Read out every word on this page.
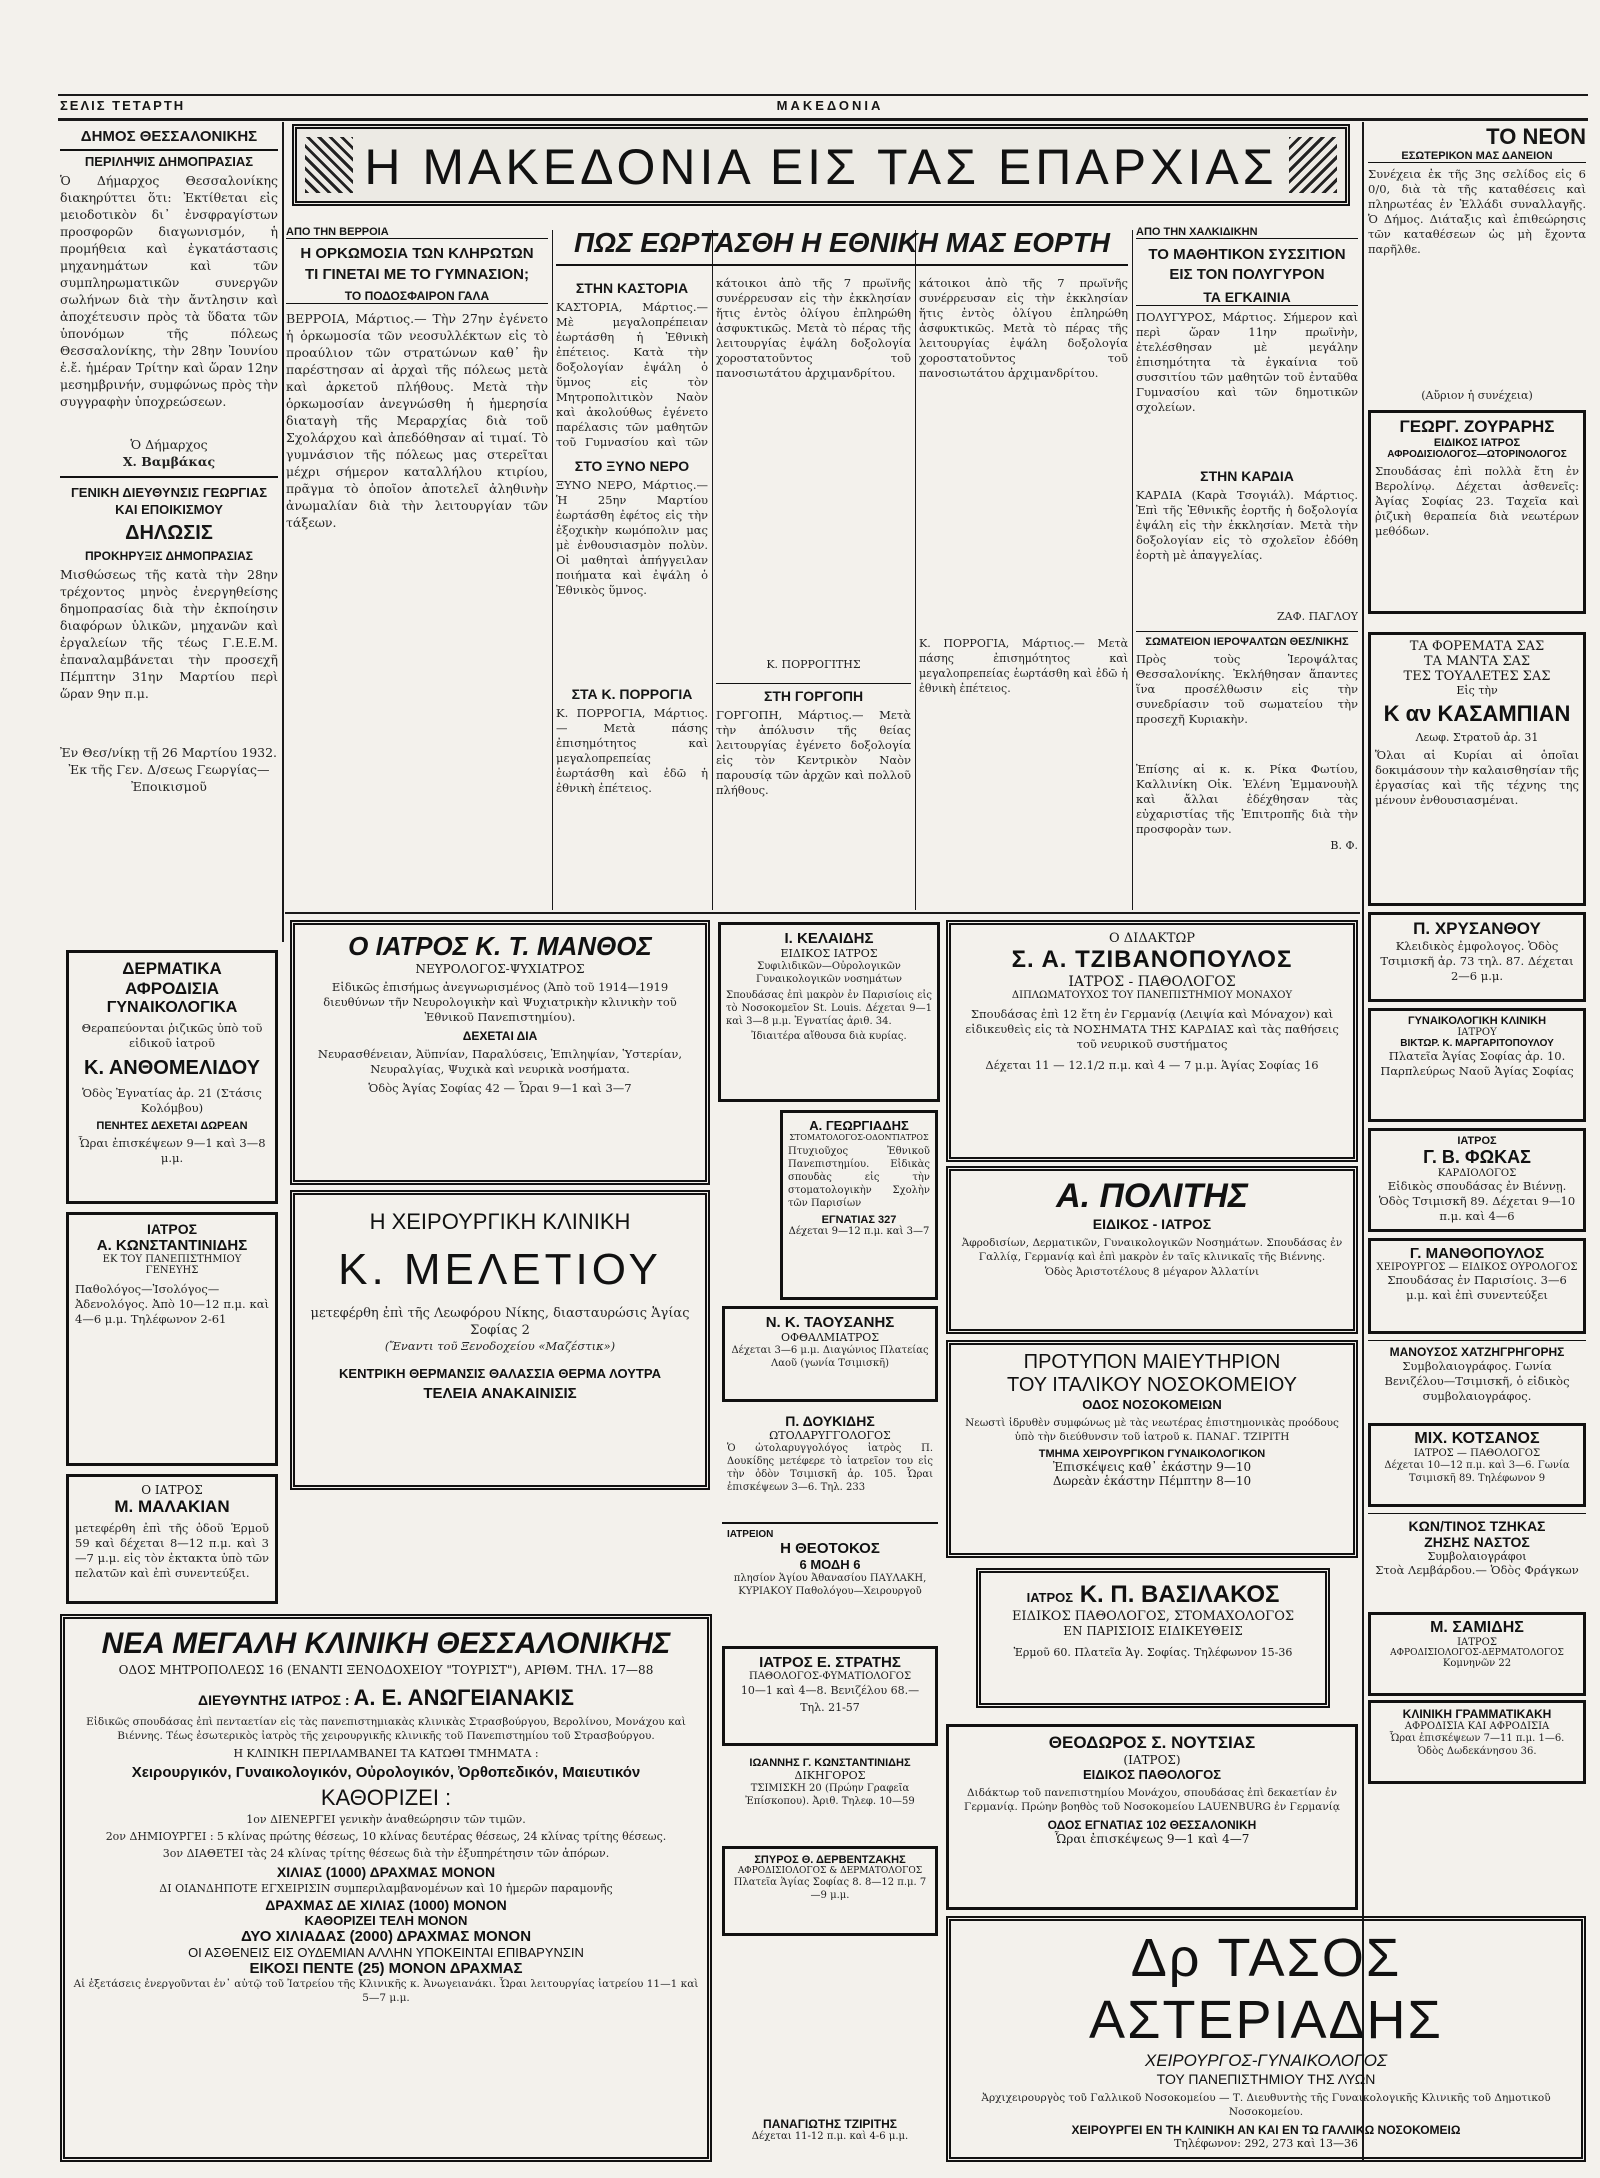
ΣΕΛΙΣ ΤΕΤΑΡΤΗ	ΜΑΚΕΔΟΝΙΑ
ΔΗΜΟΣ ΘΕΣΣΑΛΟΝΙΚΗΣ
ΠΕΡΙΛΗΨΙΣ ΔΗΜΟΠΡΑΣΙΑΣ
Ὁ Δήμαρχος Θεσσαλονίκης διακηρύττει ὅτι: Ἐκτίθεται εἰς μειοδοτικὸν δι᾽ ἐνσφραγίστων προσφορῶν διαγωνισμόν, ἡ προμήθεια καὶ ἐγκατάστασις μηχανημάτων καὶ τῶν συμπληρωματικῶν συνεργῶν σωλήνων διὰ τὴν ἄντλησιν καὶ ἀποχέτευσιν πρὸς τὰ ὕδατα τῶν ὑπονόμων τῆς πόλεως Θεσσαλονίκης, τὴν 28ην Ἰουνίου ἐ.ἔ. ἡμέραν Τρίτην καὶ ὥραν 12ην μεσημβρινήν, συμφώνως πρὸς τὴν συγγραφὴν ὑποχρεώσεων.
Ὁ Δήμαρχος
Χ. Βαμβάκας
ΓΕΝΙΚΗ ΔΙΕΥΘΥΝΣΙΣ ΓΕΩΡΓΙΑΣ ΚΑΙ ΕΠΟΙΚΙΣΜΟΥ
ΔΗΛΩΣΙΣ
ΠΡΟΚΗΡΥΞΙΣ ΔΗΜΟΠΡΑΣΙΑΣ
Μισθώσεως τῆς κατὰ τὴν 28ην τρέχοντος μηνὸς ἐνεργηθείσης δημοπρασίας διὰ τὴν ἐκποίησιν διαφόρων ὑλικῶν, μηχανῶν καὶ ἐργαλείων τῆς τέως Γ.Ε.Ε.Μ. ἐπαναλαμβάνεται τὴν προσεχῆ Πέμπτην 31ην Μαρτίου περὶ ὥραν 9ην π.μ.
Ἐν Θεσ/νίκῃ τῇ 26 Μαρτίου 1932.
Ἐκ τῆς Γεν. Δ/σεως Γεωργίας—Ἐποικισμοῦ
Η ΜΑΚΕΔΟΝΙΑ ΕΙΣ ΤΑΣ ΕΠΑΡΧΙΑΣ
ΑΠΟ ΤΗΝ ΒΕΡΡΟΙΑ
Η ΟΡΚΩΜΟΣΙΑ ΤΩΝ ΚΛΗΡΩΤΩΝ
ΤΙ ΓΙΝΕΤΑΙ ΜΕ ΤΟ ΓΥΜΝΑΣΙΟΝ;
ΤΟ ΠΟΔΟΣΦΑΙΡΟΝ ΓΑΛΑ
ΒΕΡΡΟΙΑ, Μάρτιος.— Τὴν 27ην ἐγένετο ἡ ὁρκωμοσία τῶν νεοσυλλέκτων εἰς τὸ προαύλιον τῶν στρατώνων καθ᾽ ἣν παρέστησαν αἱ ἀρχαὶ τῆς πόλεως μετὰ καὶ ἀρκετοῦ πλήθους. Μετὰ τὴν ὁρκωμοσίαν ἀνεγνώσθη ἡ ἡμερησία διαταγὴ τῆς Μεραρχίας διὰ τοῦ Σχολάρχου καὶ ἀπεδόθησαν αἱ τιμαί. Τὸ γυμνάσιον τῆς πόλεως μας στερεῖται μέχρι σήμερον καταλλήλου κτιρίου, πρᾶγμα τὸ ὁποῖον ἀποτελεῖ ἀληθινὴν ἀνωμαλίαν διὰ τὴν λειτουργίαν τῶν τάξεων.
ΠΩΣ ΕΩΡΤΑΣΘΗ Η ΕΘΝΙΚΗ ΜΑΣ ΕΟΡΤΗ
ΣΤΗΝ ΚΑΣΤΟΡΙΑ
ΚΑΣΤΟΡΙΑ, Μάρτιος.— Μὲ μεγαλοπρέπειαν ἑωρτάσθη ἡ Ἐθνικὴ ἐπέτειος. Κατὰ τὴν δοξολογίαν ἐψάλη ὁ ὕμνος εἰς τὸν Μητροπολιτικὸν Ναὸν καὶ ἀκολούθως ἐγένετο παρέλασις τῶν μαθητῶν τοῦ Γυμνασίου καὶ τῶν
ΣΤΟ ΞΥΝΟ ΝΕΡΟ
ΞΥΝΟ ΝΕΡΟ, Μάρτιος.— Ἡ 25ην Μαρτίου ἑωρτάσθη ἐφέτος εἰς τὴν ἐξοχικὴν κωμόπολιν μας μὲ ἐνθουσιασμὸν πολὺν. Οἱ μαθηταὶ ἀπήγγειλαν ποιήματα καὶ ἐψάλη ὁ Ἐθνικὸς ὕμνος.
ΣΤΑ Κ. ΠΟΡΡΟΓΙΑ
Κ. ΠΟΡΡΟΓΙΑ, Μάρτιος.— Μετὰ πάσης ἐπισημότητος καὶ μεγαλοπρεπείας ἑωρτάσθη καὶ ἐδῶ ἡ ἐθνικὴ ἐπέτειος.
κάτοικοι ἀπὸ τῆς 7 πρωϊνῆς συνέρρευσαν εἰς τὴν ἐκκλησίαν ἥτις ἐντὸς ὀλίγου ἐπληρώθη ἀσφυκτικῶς. Μετὰ τὸ πέρας τῆς λειτουργίας ἐψάλη δοξολογία χοροστατοῦντος τοῦ πανοσιωτάτου ἀρχιμανδρίτου.
Κ. ΠΟΡΡΟΓΙΤΗΣ
ΣΤΗ ΓΟΡΓΟΠΗ
ΓΟΡΓΟΠΗ, Μάρτιος.— Μετὰ τὴν ἀπόλυσιν τῆς θείας λειτουργίας ἐγένετο δοξολογία εἰς τὸν Κεντρικὸν Ναὸν παρουσίᾳ τῶν ἀρχῶν καὶ πολλοῦ πλήθους.
κάτοικοι ἀπὸ τῆς 7 πρωϊνῆς συνέρρευσαν εἰς τὴν ἐκκλησίαν ἥτις ἐντὸς ὀλίγου ἐπληρώθη ἀσφυκτικῶς. Μετὰ τὸ πέρας τῆς λειτουργίας ἐψάλη δοξολογία χοροστατοῦντος τοῦ πανοσιωτάτου ἀρχιμανδρίτου.
Κ. ΠΟΡΡΟΓΙΑ, Μάρτιος.— Μετὰ πάσης ἐπισημότητος καὶ μεγαλοπρεπείας ἑωρτάσθη καὶ ἐδῶ ἡ ἐθνικὴ ἐπέτειος.
ΑΠΟ ΤΗΝ ΧΑΛΚΙΔΙΚΗΝ
ΤΟ ΜΑΘΗΤΙΚΟΝ ΣΥΣΣΙΤΙΟΝ ΕΙΣ ΤΟΝ ΠΟΛΥΓΥΡΟΝ
ΤΑ ΕΓΚΑΙΝΙΑ
ΠΟΛΥΓΥΡΟΣ, Μάρτιος. Σήμερον καὶ περὶ ὥραν 11ην πρωϊνὴν, ἐτελέσθησαν μὲ μεγάλην ἐπισημότητα τὰ ἐγκαίνια τοῦ συσσιτίου τῶν μαθητῶν τοῦ ἐνταῦθα Γυμνασίου καὶ τῶν δημοτικῶν σχολείων.
ΣΤΗΝ ΚΑΡΔΙΑ
ΚΑΡΔΙΑ (Καρὰ Τσογιάλ). Μάρτιος. Ἐπὶ τῆς Ἐθνικῆς ἑορτῆς ἡ δοξολογία ἐψάλη εἰς τὴν ἐκκλησίαν. Μετὰ τὴν δοξολογίαν εἰς τὸ σχολεῖον ἐδόθη ἑορτὴ μὲ ἀπαγγελίας.
ΖΑΦ. ΠΑΓΛΟΥ
ΣΩΜΑΤΕΙΟΝ ΙΕΡΟΨΑΛΤΩΝ ΘΕΣ/ΝΙΚΗΣ
Πρὸς τοὺς Ἱεροψάλτας Θεσσαλονίκης. Ἐκλήθησαν ἅπαντες ἵνα προσέλθωσιν εἰς τὴν συνεδρίασιν τοῦ σωματείου τὴν προσεχῆ Κυριακὴν.
Ἐπίσης αἱ κ. κ. Ρίκα Φωτίου, Καλλινίκη Οἰκ. Ἐλένη Ἐμμανουὴλ καὶ ἄλλαι ἐδέχθησαν τὰς εὐχαριστίας τῆς Ἐπιτροπῆς διὰ τὴν προσφορὰν των.
Β. Φ.
ΤΟ ΝΕΟΝ
ΕΣΩΤΕΡΙΚΟΝ ΜΑΣ ΔΑΝΕΙΟΝ
Συνέχεια ἐκ τῆς 3ης σελίδος εἰς 6 0/0, διὰ τὰ τῆς καταθέσεις καὶ πληρωτέας ἐν Ἑλλάδι συναλλαγῆς. Ὁ Δήμος. Διάταξις καὶ ἐπιθεώρησις τῶν καταθέσεων ὡς μὴ ἔχοντα παρῆλθε.
(Αὔριον ἡ συνέχεια)
ΓΕΩΡΓ. ΖΟΥΡΑΡΗΣ
ΕΙΔΙΚΟΣ ΙΑΤΡΟΣ
ΑΦΡΟΔΙΣΙΟΛΟΓΟΣ—ΩΤΟΡΙΝΟΛΟΓΟΣ
Σπουδάσας ἐπὶ πολλὰ ἔτη ἐν Βερολίνῳ. Δέχεται ἀσθενεῖς: Ἀγίας Σοφίας 23. Ταχεῖα καὶ ῥιζικὴ θεραπεία διὰ νεωτέρων μεθόδων.
ΤΑ ΦΟΡΕΜΑΤΑ ΣΑΣ
ΤΑ ΜΑΝΤΑ ΣΑΣ
ΤΕΣ ΤΟΥΑΛΕΤΕΣ ΣΑΣ
Εἰς τὴν
Κ αν ΚΑΣΑΜΠΙΑΝ
Λεωφ. Στρατοῦ ἀρ. 31
Ὅλαι αἱ Κυρίαι αἱ ὁποῖαι δοκιμάσουν τὴν καλαισθησίαν τῆς ἐργασίας καὶ τῆς τέχνης της μένουν ἐνθουσιασμέναι.
Π. ΧΡΥΣΑΝΘΟΥ
Κλειδικὸς ἐμφολογος. Ὁδὸς Τσιμισκῆ ἀρ. 73 τηλ. 87. Δέχεται 2—6 μ.μ.
ΓΥΝΑΙΚΟΛΟΓΙΚΗ ΚΛΙΝΙΚΗ
ΙΑΤΡΟΥ
ΒΙΚΤΩΡ. Κ. ΜΑΡΓΑΡΙΤΟΠΟΥΛΟΥ
Πλατεῖα Ἁγίας Σοφίας ἀρ. 10. Παρπλεύρως Ναοῦ Ἁγίας Σοφίας
ΙΑΤΡΟΣ
Γ. Β. ΦΩΚΑΣ
ΚΑΡΔΙΟΛΟΓΟΣ
Εἰδικὸς σπουδάσας ἐν Βιέννῃ. Ὁδὸς Τσιμισκῆ 89. Δέχεται 9—10 π.μ. καὶ 4—6
Γ. ΜΑΝΘΟΠΟΥΛΟΣ
ΧΕΙΡΟΥΡΓΟΣ — ΕΙΔΙΚΟΣ ΟΥΡΟΛΟΓΟΣ
Σπουδάσας ἐν Παρισίοις. 3—6 μ.μ. καὶ ἐπὶ συνεντεύξει
ΜΑΝΟΥΣΟΣ ΧΑΤΖΗΓΡΗΓΟΡΗΣ
Συμβολαιογράφος. Γωνία Βενιζέλου—Τσιμισκῆ, ὁ εἰδικὸς συμβολαιογράφος.
ΜΙΧ. ΚΟΤΣΑΝΟΣ
ΙΑΤΡΟΣ — ΠΑΘΟΛΟΓΟΣ
Δέχεται 10—12 π.μ. καὶ 3—6. Γωνία Τσιμισκῆ 89. Τηλέφωνον 9
ΚΩΝ/ΤΙΝΟΣ ΤΖΗΚΑΣ
ΖΗΣΗΣ ΝΑΣΤΟΣ
Συμβολαιογράφοι
Στοὰ Λεμβάρδου.— Ὁδὸς Φράγκων
Μ. ΣΑΜΙΔΗΣ
ΙΑΤΡΟΣ
ΑΦΡΟΔΙΣΙΟΛΟΓΟΣ-ΔΕΡΜΑΤΟΛΟΓΟΣ
Κομνηνῶν 22
ΚΛΙΝΙΚΗ ΓΡΑΜΜΑΤΙΚΑΚΗ
ΑΦΡΟΔΙΣΙΑ ΚΑΙ ΑΦΡΟΔΙΣΙΑ
Ὧραι ἐπισκέψεων 7—11 π.μ. 1—6. Ὁδὸς Δωδεκάνησου 36.
ΔΕΡΜΑΤΙΚΑ
ΑΦΡΟΔΙΣΙΑ
ΓΥΝΑΙΚΟΛΟΓΙΚΑ
Θεραπεύονται ῥιζικῶς ὑπὸ τοῦ εἰδικοῦ ἰατροῦ
Κ. ΑΝΘΟΜΕΛΙΔΟΥ
Ὁδὸς Ἐγνατίας ἀρ. 21 (Στάσις Κολόμβου)
ΠΕΝΗΤΕΣ ΔΕΧΕΤΑΙ ΔΩΡΕΑΝ
Ὧραι ἐπισκέψεων 9—1 καὶ 3—8 μ.μ.
ΙΑΤΡΟΣ
Α. ΚΩΝΣΤΑΝΤΙΝΙΔΗΣ
ΕΚ ΤΟΥ ΠΑΝΕΠΙΣΤΗΜΙΟΥ ΓΕΝΕΥΗΣ
Παθολόγος—Ἰσολόγος—Ἀδενολόγος. Ἀπὸ 10—12 π.μ. καὶ 4—6 μ.μ. Τηλέφωνον 2-61
Ο ΙΑΤΡΟΣ
Μ. ΜΑΛΑΚΙΑΝ
μετεφέρθη ἐπὶ τῆς ὁδοῦ Ἑρμοῦ 59 καὶ δέχεται 8—12 π.μ. καὶ 3—7 μ.μ. εἰς τὸν ἐκτακτα ὑπὸ τῶν πελατῶν καὶ ἐπὶ συνεντεύξει.
Ο ΙΑΤΡΟΣ Κ. Τ. ΜΑΝΘΟΣ
ΝΕΥΡΟΛΟΓΟΣ-ΨΥΧΙΑΤΡΟΣ
Εἰδικῶς ἐπισήμως ἀνεγνωρισμένος (Ἀπὸ τοῦ 1914—1919 διευθύνων τῆν Νευρολογικὴν καὶ Ψυχιατρικὴν κλινικὴν τοῦ Ἐθνικοῦ Πανεπιστημίου).
ΔΕΧΕΤΑΙ ΔΙΑ
Νευρασθένειαν, Ἀϋπνίαν, Παραλύσεις, Ἐπιληψίαν, Ὑστερίαν, Νευραλγίας, Ψυχικὰ καὶ νευρικὰ νοσήματα.
Ὁδὸς Ἁγίας Σοφίας 42 — Ὧραι 9—1 καὶ 3—7
Η ΧΕΙΡΟΥΡΓΙΚΗ ΚΛΙΝΙΚΗ
Κ. ΜΕΛΕΤΙΟΥ
μετεφέρθη ἐπὶ τῆς Λεωφόρου Νίκης, διασταυρώσις Ἁγίας Σοφίας 2
(Ἔναντι τοῦ Ξενοδοχείου «Μαζέστικ»)
ΚΕΝΤΡΙΚΗ ΘΕΡΜΑΝΣΙΣ ΘΑΛΑΣΣΙΑ ΘΕΡΜΑ ΛΟΥΤΡΑ
ΤΕΛΕΙΑ ΑΝΑΚΑΙΝΙΣΙΣ
Ι. ΚΕΛΑΙΔΗΣ
ΕΙΔΙΚΟΣ ΙΑΤΡΟΣ
Συφιλιδικῶν—Οὐρολογικῶν Γυναικολογικῶν νοσημάτων
Σπουδάσας ἐπὶ μακρὸν ἐν Παρισίοις εἰς τὸ Νοσοκομεῖον St. Louis. Δέχεται 9—1 καὶ 3—8 μ.μ. Ἐγνατίας ἀριθ. 34.
Ἰδιαιτέρα αἴθουσα διὰ κυρίας.
Α. ΓΕΩΡΓΙΑΔΗΣ
ΣΤΟΜΑΤΟΛΟΓΟΣ-ΟΔΟΝΤΙΑΤΡΟΣ
Πτυχιοῦχος Ἐθνικοῦ Πανεπιστημίου. Εἰδικὰς σπουδὰς εἰς τὴν στοματολογικὴν Σχολὴν τῶν Παρισίων
ΕΓΝΑΤΙΑΣ 327
Δέχεται 9—12 π.μ. καὶ 3—7
Ν. Κ. ΤΑΟΥΣΑΝΗΣ
ΟΦΘΑΛΜΙΑΤΡΟΣ
Δέχεται 3—6 μ.μ. Διαγώνιος Πλατείας Λαοῦ (γωνία Τσιμισκῆ)
Π. ΔΟΥΚΙΔΗΣ
ΩΤΟΛΑΡΥΓΓΟΛΟΓΟΣ
Ὁ ὠτολαρυγγολόγος ἰατρὸς Π. Δουκίδης μετέφερε τὸ ἰατρεῖον του εἰς τὴν ὁδὸν Τσιμισκῆ ἀρ. 105. Ὧραι ἐπισκέψεων 3—6. Τηλ. 233
ΙΑΤΡΕΙΟΝ
Η ΘΕΟΤΟΚΟΣ
6 ΜΟΔΗ 6
πλησίον Ἁγίου Ἀθανασίου ΠΑΥΛΑΚΗ, ΚΥΡΙΑΚΟΥ Παθολόγου—Χειρουργοῦ
ΙΑΤΡΟΣ Ε. ΣΤΡΑΤΗΣ
ΠΑΘΟΛΟΓΟΣ-ΦΥΜΑΤΙΟΛΟΓΟΣ
10—1 καὶ 4—8. Βενιζέλου 68.— Τηλ. 21-57
ΙΩΑΝΝΗΣ Γ. ΚΩΝΣΤΑΝΤΙΝΙΔΗΣ
ΔΙΚΗΓΟΡΟΣ
ΤΣΙΜΙΣΚΗ 20 (Πρώην Γραφεῖα Ἐπίσκοπου). Ἀριθ. Τηλεφ. 10—59
ΣΠΥΡΟΣ Θ. ΔΕΡΒΕΝΤΖΑΚΗΣ
ΑΦΡΟΔΙΣΙΟΛΟΓΟΣ & ΔΕΡΜΑΤΟΛΟΓΟΣ
Πλατεῖα Ἁγίας Σοφίας 8. 8—12 π.μ. 7—9 μ.μ.
ΠΑΝΑΓΙΩΤΗΣ ΤΖΙΡΙΤΗΣ
Δέχεται 11-12 π.μ. καὶ 4-6 μ.μ.
Ο ΔΙΔΑΚΤΩΡ
Σ. Α. ΤΖΙΒΑΝΟΠΟΥΛΟΣ
ΙΑΤΡΟΣ - ΠΑΘΟΛΟΓΟΣ
ΔΙΠΛΩΜΑΤΟΥΧΟΣ ΤΟΥ ΠΑΝΕΠΙΣΤΗΜΙΟΥ ΜΟΝΑΧΟΥ
Σπουδάσας ἐπὶ 12 ἔτη ἐν Γερμανίᾳ (Λειψία καὶ Μόναχον) καὶ εἰδικευθεὶς εἰς τὰ ΝΟΣΗΜΑΤΑ ΤΗΣ ΚΑΡΔΙΑΣ καὶ τὰς παθήσεις τοῦ νευρικοῦ συστήματος
Δέχεται 11 — 12.1/2 π.μ. καὶ 4 — 7 μ.μ. Ἁγίας Σοφίας 16
Α. ΠΟΛΙΤΗΣ
ΕΙΔΙΚΟΣ - ΙΑΤΡΟΣ
Ἀφροδισίων, Δερματικῶν, Γυναικολογικῶν Νοσημάτων. Σπουδάσας ἐν Γαλλίᾳ, Γερμανίᾳ καὶ ἐπὶ μακρὸν ἐν ταῖς κλινικαῖς τῆς Βιέννης.
Ὁδὸς Ἀριστοτέλους 8 μέγαρον Ἀλλατίνι
ΠΡΟΤΥΠΟΝ ΜΑΙΕΥΤΗΡΙΟΝ
ΤΟΥ ΙΤΑΛΙΚΟΥ ΝΟΣΟΚΟΜΕΙΟΥ
ΟΔΟΣ ΝΟΣΟΚΟΜΕΙΩΝ
Νεωστὶ ἱδρυθὲν συμφώνως μὲ τὰς νεωτέρας ἐπιστημονικὰς προόδους ὑπὸ τὴν διεύθυνσιν τοῦ ἰατροῦ κ. ΠΑΝΑΓ. ΤΖΙΡΙΤΗ
ΤΜΗΜΑ ΧΕΙΡΟΥΡΓΙΚΟΝ ΓΥΝΑΙΚΟΛΟΓΙΚΟΝ
Ἐπισκέψεις καθ᾽ ἑκάστην 9—10
Δωρεὰν ἑκάστην Πέμπτην 8—10
ΙΑΤΡΟΣ Κ. Π. ΒΑΣΙΛΑΚΟΣ
ΕΙΔΙΚΟΣ ΠΑΘΟΛΟΓΟΣ, ΣΤΟΜΑΧΟΛΟΓΟΣ
ΕΝ ΠΑΡΙΣΙΟΙΣ ΕΙΔΙΚΕΥΘΕΙΣ
Ἑρμοῦ 60. Πλατεῖα Ἁγ. Σοφίας. Τηλέφωνον 15-36
ΘΕΟΔΩΡΟΣ Σ. ΝΟΥΤΣΙΑΣ
(ΙΑΤΡΟΣ)
ΕΙΔΙΚΟΣ ΠΑΘΟΛΟΓΟΣ
Διδάκτωρ τοῦ πανεπιστημίου Μονάχου, σπουδάσας ἐπὶ δεκαετίαν ἐν Γερμανίᾳ. Πρώην βοηθὸς τοῦ Νοσοκομείου LAUENBURG ἐν Γερμανίᾳ
ΟΔΟΣ ΕΓΝΑΤΙΑΣ 102 ΘΕΣΣΑΛΟΝΙΚΗ
Ὧραι ἐπισκέψεως 9—1 καὶ 4—7
Δρ ΤΑΣΟΣ ΑΣΤΕΡΙΑΔΗΣ
ΧΕΙΡΟΥΡΓΟΣ-ΓΥΝΑΙΚΟΛΟΓΟΣ
ΤΟΥ ΠΑΝΕΠΙΣΤΗΜΙΟΥ ΤΗΣ ΛΥΩΝ
Ἀρχιχειρουργὸς τοῦ Γαλλικοῦ Νοσοκομείου — Τ. Διευθυντὴς τῆς Γυναικολογικῆς Κλινικῆς τοῦ Δημοτικοῦ Νοσοκομείου.
ΧΕΙΡΟΥΡΓΕΙ ΕΝ ΤΗ ΚΛΙΝΙΚΗ ΑΝ ΚΑΙ ΕΝ ΤΩ ΓΑΛΛΙΚΩ ΝΟΣΟΚΟΜΕΙΩ
Τηλέφωνον: 292, 273 καὶ 13—36
ΝΕΑ ΜΕΓΑΛΗ ΚΛΙΝΙΚΗ ΘΕΣΣΑΛΟΝΙΚΗΣ
ΟΔΟΣ ΜΗΤΡΟΠΟΛΕΩΣ 16 (ΕΝΑΝΤΙ ΞΕΝΟΔΟΧΕΙΟΥ "ΤΟΥΡΙΣΤ"), ΑΡΙΘΜ. ΤΗΛ. 17—88
ΔΙΕΥΘΥΝΤΗΣ ΙΑΤΡΟΣ : Α. Ε. ΑΝΩΓΕΙΑΝΑΚΙΣ
Εἰδικῶς σπουδάσας ἐπὶ πενταετίαν εἰς τὰς πανεπιστημιακὰς κλινικὰς Στρασβούργου, Βερολίνου, Μονάχου καὶ Βιέννης. Τέως ἐσωτερικὸς ἰατρὸς τῆς χειρουργικῆς κλινικῆς τοῦ Πανεπιστημίου τοῦ Στρασβούργου.
Η ΚΛΙΝΙΚΗ ΠΕΡΙΛΑΜΒΑΝΕΙ ΤΑ ΚΑΤΩΘΙ ΤΜΗΜΑΤΑ :
Χειρουργικόν, Γυναικολογικόν, Οὐρολογικόν, Ὀρθοπεδικόν, Μαιευτικόν
ΚΑΘΟΡΙΖΕΙ :
1ον ΔΙΕΝΕΡΓΕΙ γενικὴν ἀναθεώρησιν τῶν τιμῶν.
2ον ΔΗΜΙΟΥΡΓΕΙ : 5 κλίνας πρώτης θέσεως, 10 κλίνας δευτέρας θέσεως, 24 κλίνας τρίτης θέσεως.
3ον ΔΙΑΘΕΤΕΙ τὰς 24 κλίνας τρίτης θέσεως διὰ τὴν ἐξυπηρέτησιν τῶν ἀπόρων.
ΧΙΛΙΑΣ (1000) ΔΡΑΧΜΑΣ ΜΟΝΟΝ
ΔΙ ΟΙΑΝΔΗΠΟΤΕ ΕΓΧΕΙΡΙΣΙΝ συμπεριλαμβανομένων καὶ 10 ἡμερῶν παραμονῆς
ΔΡΑΧΜΑΣ ΔΕ ΧΙΛΙΑΣ (1000) ΜΟΝΟΝ
ΚΑΘΟΡΙΖΕΙ ΤΕΛΗ ΜΟΝΟΝ
ΔΥΟ ΧΙΛΙΑΔΑΣ (2000) ΔΡΑΧΜΑΣ ΜΟΝΟΝ
ΟΙ ΑΣΘΕΝΕΙΣ ΕΙΣ ΟΥΔΕΜΙΑΝ ΑΛΛΗΝ ΥΠΟΚΕΙΝΤΑΙ ΕΠΙΒΑΡΥΝΣΙΝ
ΕΙΚΟΣΙ ΠΕΝΤΕ (25) ΜΟΝΟΝ ΔΡΑΧΜΑΣ
Αἱ ἐξετάσεις ἐνεργοῦνται ἐν᾽ αὐτῷ τοῦ Ἰατρείου τῆς Κλινικῆς κ. Ἀνωγειανάκι. Ὧραι λειτουργίας ἰατρείου 11—1 καὶ 5—7 μ.μ.
